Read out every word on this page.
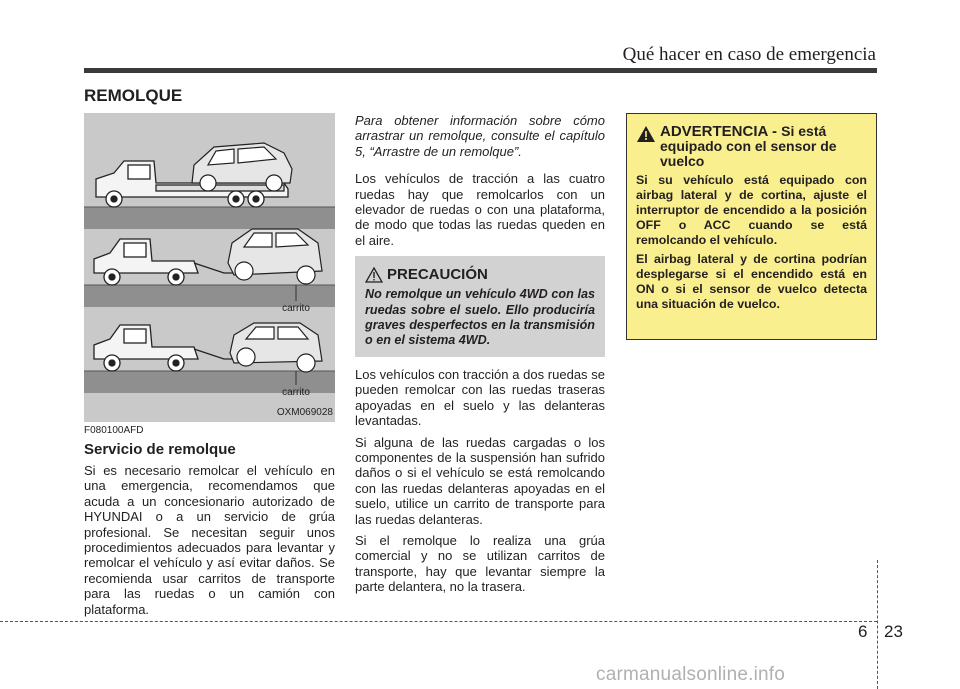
Qué hacer en caso de emergencia
REMOLQUE
carrito
carrito
OXM069028
F080100AFD
Servicio de remolque

Si es necesario remolcar el vehículo en una emergencia, recomendamos que acuda a un concesionario autorizado de HYUNDAI o a un servicio de grúa profesional. Se necesitan seguir unos procedimientos adecuados para levantar y remolcar el vehículo y así evitar daños. Se recomienda usar carritos de transporte para las ruedas o un camión con plataforma.

Para obtener información sobre cómo arrastrar un remolque, consulte el capítulo 5, “Arrastre de un remolque”.

Los vehículos de tracción a las cuatro ruedas hay que remolcarlos con un elevador de ruedas o con una plataforma, de modo que todas las ruedas queden en el aire.

PRECAUCIÓN
No remolque un vehículo 4WD con las ruedas sobre el suelo. Ello produciría graves desperfectos en la transmisión o en el sistema 4WD.

Los vehículos con tracción a dos ruedas se pueden remolcar con las ruedas traseras apoyadas en el suelo y las delanteras levantadas.

Si alguna de las ruedas cargadas o los componentes de la suspensión han sufrido daños o si el vehículo se está remolcando con las ruedas delanteras apoyadas en el suelo, utilice un carrito de transporte para las ruedas delanteras.

Si el remolque lo realiza una grúa comercial y no se utilizan carritos de transporte, hay que levantar siempre la parte delantera, no la trasera.

ADVERTENCIA - Si está equipado con el sensor de vuelco

Si su vehículo está equipado con airbag lateral y de cortina, ajuste el interruptor de encendido a la posición OFF o ACC cuando se está remolcando el vehículo.

El airbag lateral y de cortina podrían desplegarse si el encendido está en ON o si el sensor de vuelco detecta una situación de vuelco.

6 23
carmanualsonline.info
